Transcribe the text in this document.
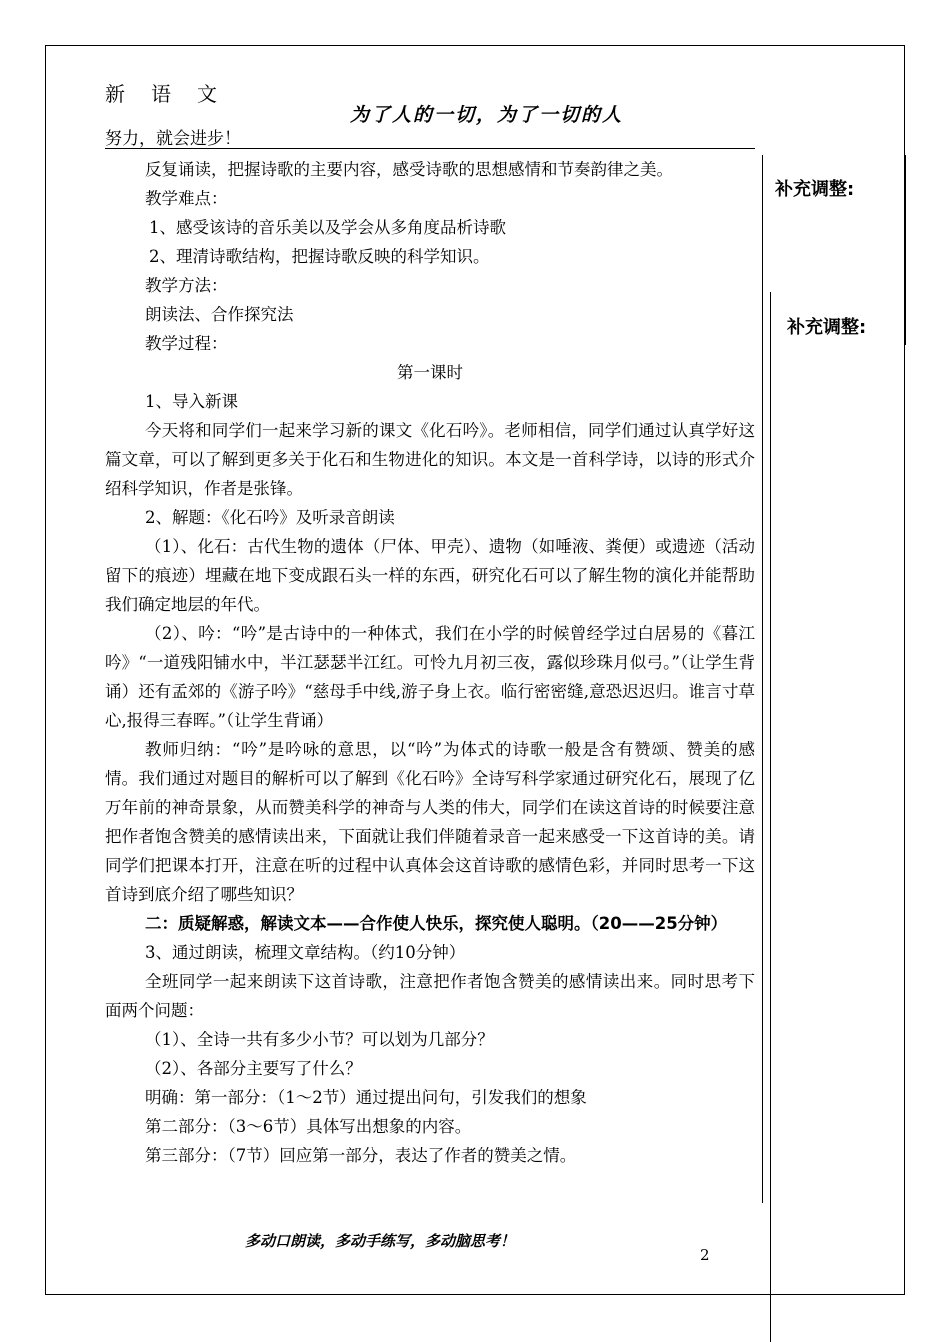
新语文
为了人的一切，为了一切的人
努力，就会进步！
补充调整:
补充调整:

反复诵读，把握诗歌的主要内容，感受诗歌的思想感情和节奏韵律之美。

教学难点：

1、感受该诗的音乐美以及学会从多角度品析诗歌

2、理清诗歌结构，把握诗歌反映的科学知识。

教学方法：

朗读法、合作探究法

教学过程：

第一课时

1、导入新课

今天将和同学们一起来学习新的课文《化石吟》。老师相信，同学们通过认真学好这篇文章，可以了解到更多关于化石和生物进化的知识。本文是一首科学诗，以诗的形式介绍科学知识，作者是张锋。

2、解题：《化石吟》及听录音朗读

（1）、化石：古代生物的遗体（尸体、甲壳）、遗物（如唾液、粪便）或遗迹（活动留下的痕迹）埋藏在地下变成跟石头一样的东西，研究化石可以了解生物的演化并能帮助我们确定地层的年代。

（2）、吟：“吟”是古诗中的一种体式，我们在小学的时候曾经学过白居易的《暮江吟》“一道残阳铺水中，半江瑟瑟半江红。可怜九月初三夜，露似珍珠月似弓。”（让学生背诵）还有孟郊的《游子吟》“慈母手中线,游子身上衣。临行密密缝,意恐迟迟归。谁言寸草心,报得三春晖。”（让学生背诵）

教师归纳：“吟”是吟咏的意思，以“吟”为体式的诗歌一般是含有赞颂、赞美的感情。我们通过对题目的解析可以了解到《化石吟》全诗写科学家通过研究化石，展现了亿万年前的神奇景象，从而赞美科学的神奇与人类的伟大，同学们在读这首诗的时候要注意把作者饱含赞美的感情读出来，下面就让我们伴随着录音一起来感受一下这首诗的美。请同学们把课本打开，注意在听的过程中认真体会这首诗歌的感情色彩，并同时思考一下这首诗到底介绍了哪些知识？

二：质疑解惑，解读文本——合作使人快乐，探究使人聪明。（20——25分钟）

3、通过朗读，梳理文章结构。（约10分钟）

全班同学一起来朗读下这首诗歌，注意把作者饱含赞美的感情读出来。同时思考下面两个问题：

（1）、全诗一共有多少小节？可以划为几部分？

（2）、各部分主要写了什么？

明确：第一部分：（1～2节）通过提出问句，引发我们的想象

第二部分：（3～6节）具体写出想象的内容。

第三部分：（7节）回应第一部分，表达了作者的赞美之情。

多动口朗读，多动手练写，多动脑思考！
2
